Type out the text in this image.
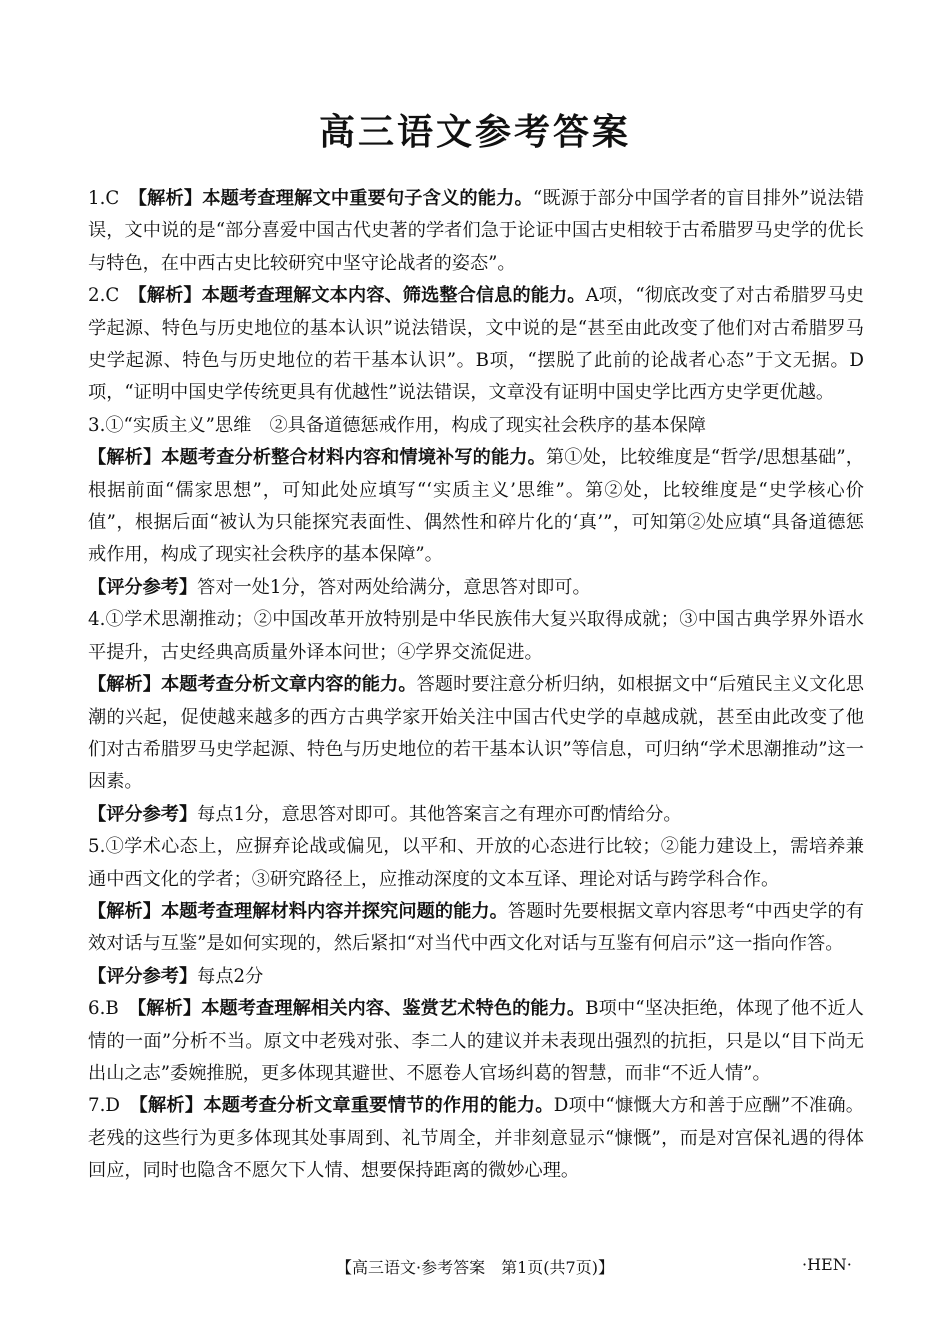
高三语文参考答案
1.C　【解析】本题考查理解文中重要句子含义的能力。“既源于部分中国学者的盲目排外”说法错误，文中说的是“部分喜爱中国古代史著的学者们急于论证中国古史相较于古希腊罗马史学的优长与特色，在中西古史比较研究中坚守论战者的姿态”。
2.C　【解析】本题考查理解文本内容、筛选整合信息的能力。A项，“彻底改变了对古希腊罗马史学起源、特色与历史地位的基本认识”说法错误，文中说的是“甚至由此改变了他们对古希腊罗马史学起源、特色与历史地位的若干基本认识”。B项，“摆脱了此前的论战者心态”于文无据。D项，“证明中国史学传统更具有优越性”说法错误，文章没有证明中国史学比西方史学更优越。
3.①“实质主义”思维　②具备道德惩戒作用，构成了现实社会秩序的基本保障
【解析】本题考查分析整合材料内容和情境补写的能力。第①处，比较维度是“哲学/思想基础”，根据前面“儒家思想”，可知此处应填写“‘实质主义’思维”。第②处，比较维度是“史学核心价值”，根据后面“被认为只能探究表面性、偶然性和碎片化的‘真’”，可知第②处应填“具备道德惩戒作用，构成了现实社会秩序的基本保障”。
【评分参考】答对一处1分，答对两处给满分，意思答对即可。
4.①学术思潮推动；②中国改革开放特别是中华民族伟大复兴取得成就；③中国古典学界外语水平提升，古史经典高质量外译本问世；④学界交流促进。
【解析】本题考查分析文章内容的能力。答题时要注意分析归纳，如根据文中“后殖民主义文化思潮的兴起，促使越来越多的西方古典学家开始关注中国古代史学的卓越成就，甚至由此改变了他们对古希腊罗马史学起源、特色与历史地位的若干基本认识”等信息，可归纳“学术思潮推动”这一因素。
【评分参考】每点1分，意思答对即可。其他答案言之有理亦可酌情给分。
5.①学术心态上，应摒弃论战或偏见，以平和、开放的心态进行比较；②能力建设上，需培养兼通中西文化的学者；③研究路径上，应推动深度的文本互译、理论对话与跨学科合作。
【解析】本题考查理解材料内容并探究问题的能力。答题时先要根据文章内容思考“中西史学的有效对话与互鉴”是如何实现的，然后紧扣“对当代中西文化对话与互鉴有何启示”这一指向作答。
【评分参考】每点2分
6.B　【解析】本题考查理解相关内容、鉴赏艺术特色的能力。B项中“坚决拒绝，体现了他不近人情的一面”分析不当。原文中老残对张、李二人的建议并未表现出强烈的抗拒，只是以“目下尚无出山之志”委婉推脱，更多体现其避世、不愿卷人官场纠葛的智慧，而非“不近人情”。
7.D　【解析】本题考查分析文章重要情节的作用的能力。D项中“慷慨大方和善于应酬”不准确。老残的这些行为更多体现其处事周到、礼节周全，并非刻意显示“慷慨”，而是对宫保礼遇的得体回应，同时也隐含不愿欠下人情、想要保持距离的微妙心理。
【高三语文·参考答案　第1页(共7页)】	·HEN·
